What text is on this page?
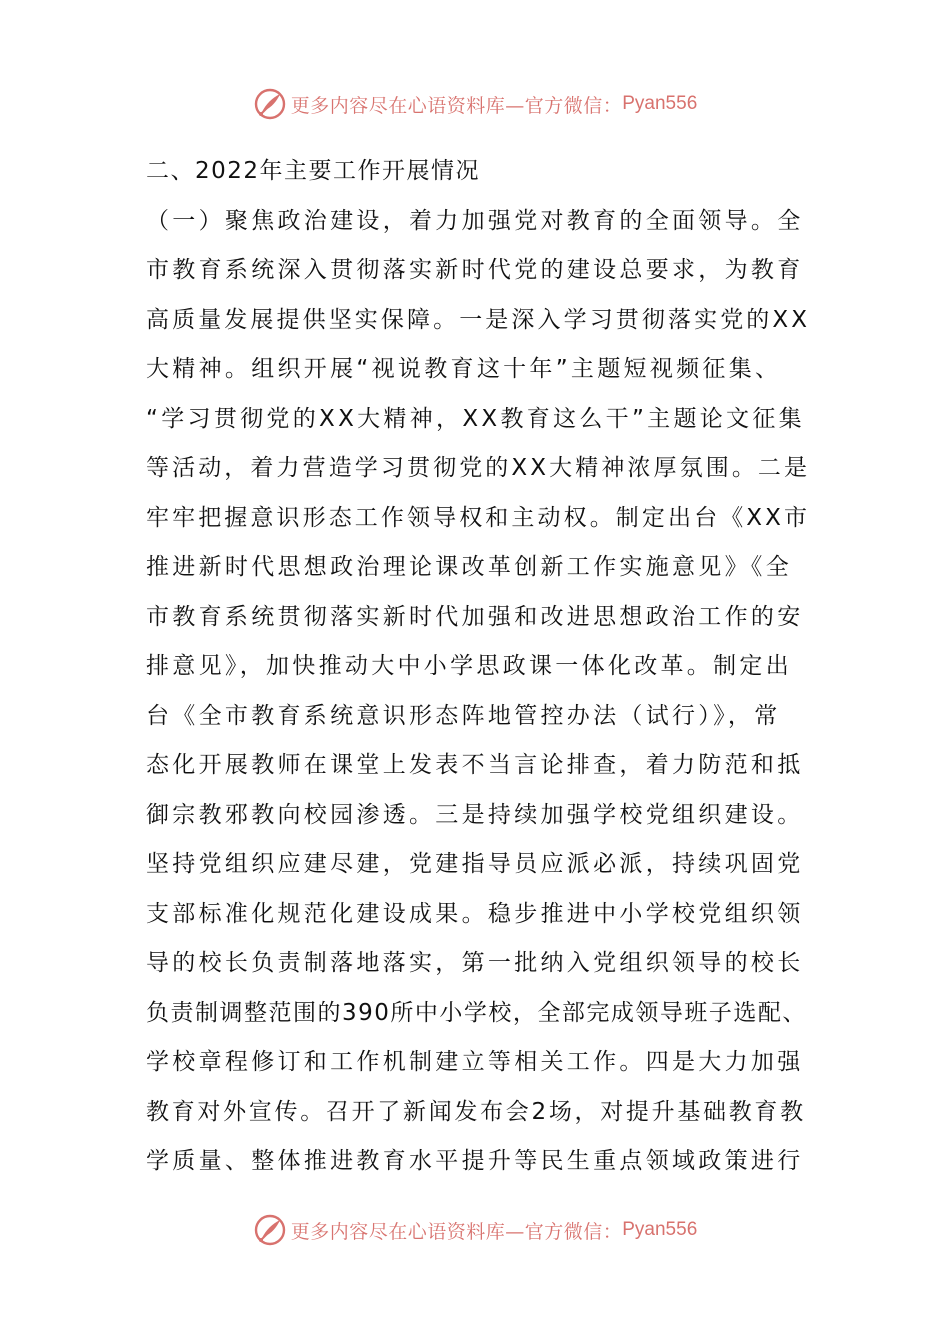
更多内容尽在心语资料库—官方微信： Pyan556
二、2022年主要工作开展情况
（一）聚焦政治建设，着力加强党对教育的全面领导。全
市教育系统深入贯彻落实新时代党的建设总要求，为教育
高质量发展提供坚实保障。一是深入学习贯彻落实党的XX
大精神。组织开展“视说教育这十年”主题短视频征集、
“学习贯彻党的XX大精神，XX教育这么干”主题论文征集
等活动，着力营造学习贯彻党的XX大精神浓厚氛围。二是
牢牢把握意识形态工作领导权和主动权。制定出台《XX市
推进新时代思想政治理论课改革创新工作实施意见》《全
市教育系统贯彻落实新时代加强和改进思想政治工作的安
排意见》，加快推动大中小学思政课一体化改革。制定出
台《全市教育系统意识形态阵地管控办法（试行）》，常
态化开展教师在课堂上发表不当言论排查，着力防范和抵
御宗教邪教向校园渗透。三是持续加强学校党组织建设。
坚持党组织应建尽建，党建指导员应派必派，持续巩固党
支部标准化规范化建设成果。稳步推进中小学校党组织领
导的校长负责制落地落实，第一批纳入党组织领导的校长
负责制调整范围的390所中小学校，全部完成领导班子选配、
学校章程修订和工作机制建立等相关工作。四是大力加强
教育对外宣传。召开了新闻发布会2场，对提升基础教育教
学质量、整体推进教育水平提升等民生重点领域政策进行
更多内容尽在心语资料库—官方微信： Pyan556
